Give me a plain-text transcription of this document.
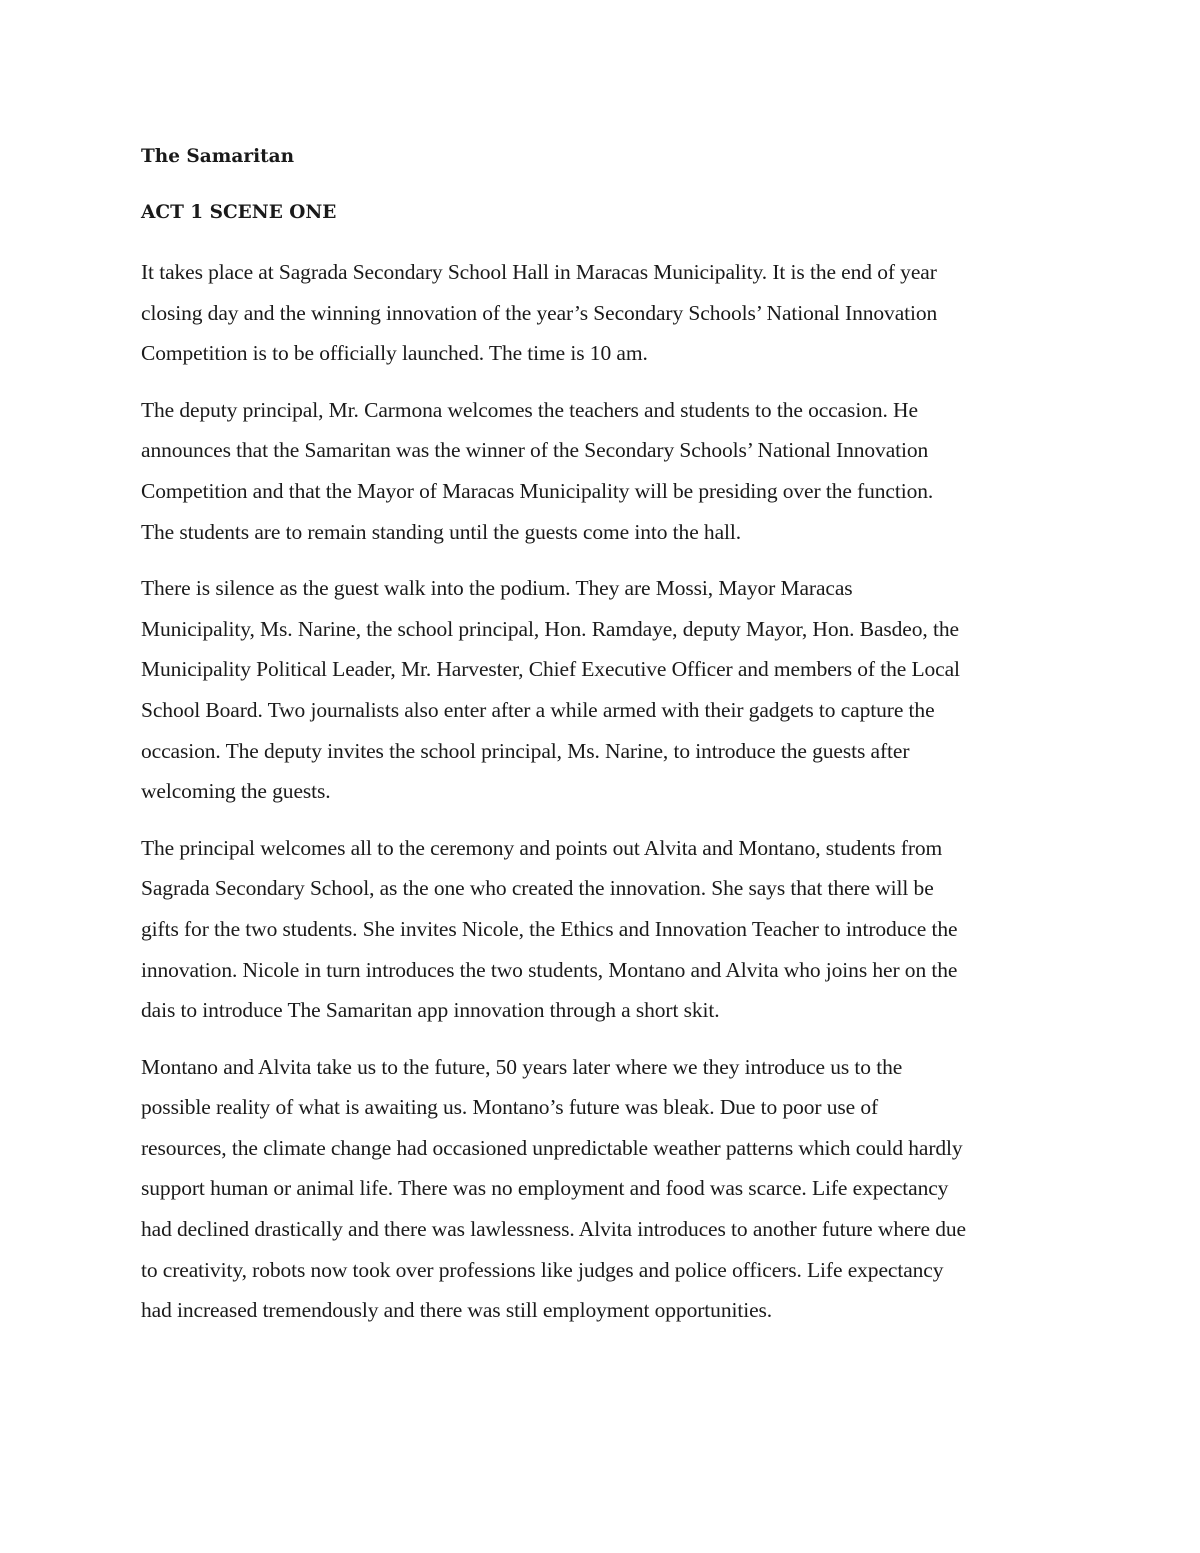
The Samaritan
ACT 1 SCENE ONE
It takes place at Sagrada Secondary School Hall in Maracas Municipality. It is the end of year
closing day and the winning innovation of the year’s Secondary Schools’ National Innovation
Competition is to be officially launched. The time is 10 am.
The deputy principal, Mr. Carmona welcomes the teachers and students to the occasion. He
announces that the Samaritan was the winner of the Secondary Schools’ National Innovation
Competition and that the Mayor of Maracas Municipality will be presiding over the function.
The students are to remain standing until the guests come into the hall.
There is silence as the guest walk into the podium. They are Mossi, Mayor Maracas
Municipality, Ms. Narine, the school principal, Hon. Ramdaye, deputy Mayor, Hon. Basdeo, the
Municipality Political Leader, Mr. Harvester, Chief Executive Officer and members of the Local
School Board. Two journalists also enter after a while armed with their gadgets to capture the
occasion. The deputy invites the school principal, Ms. Narine, to introduce the guests after
welcoming the guests.
The principal welcomes all to the ceremony and points out Alvita and Montano, students from
Sagrada Secondary School, as the one who created the innovation. She says that there will be
gifts for the two students. She invites Nicole, the Ethics and Innovation Teacher to introduce the
innovation. Nicole in turn introduces the two students, Montano and Alvita who joins her on the
dais to introduce The Samaritan app innovation through a short skit.
Montano and Alvita take us to the future, 50 years later where we they introduce us to the
possible reality of what is awaiting us. Montano’s future was bleak. Due to poor use of
resources, the climate change had occasioned unpredictable weather patterns which could hardly
support human or animal life. There was no employment and food was scarce. Life expectancy
had declined drastically and there was lawlessness. Alvita introduces to another future where due
to creativity, robots now took over professions like judges and police officers. Life expectancy
had increased tremendously and there was still employment opportunities.
